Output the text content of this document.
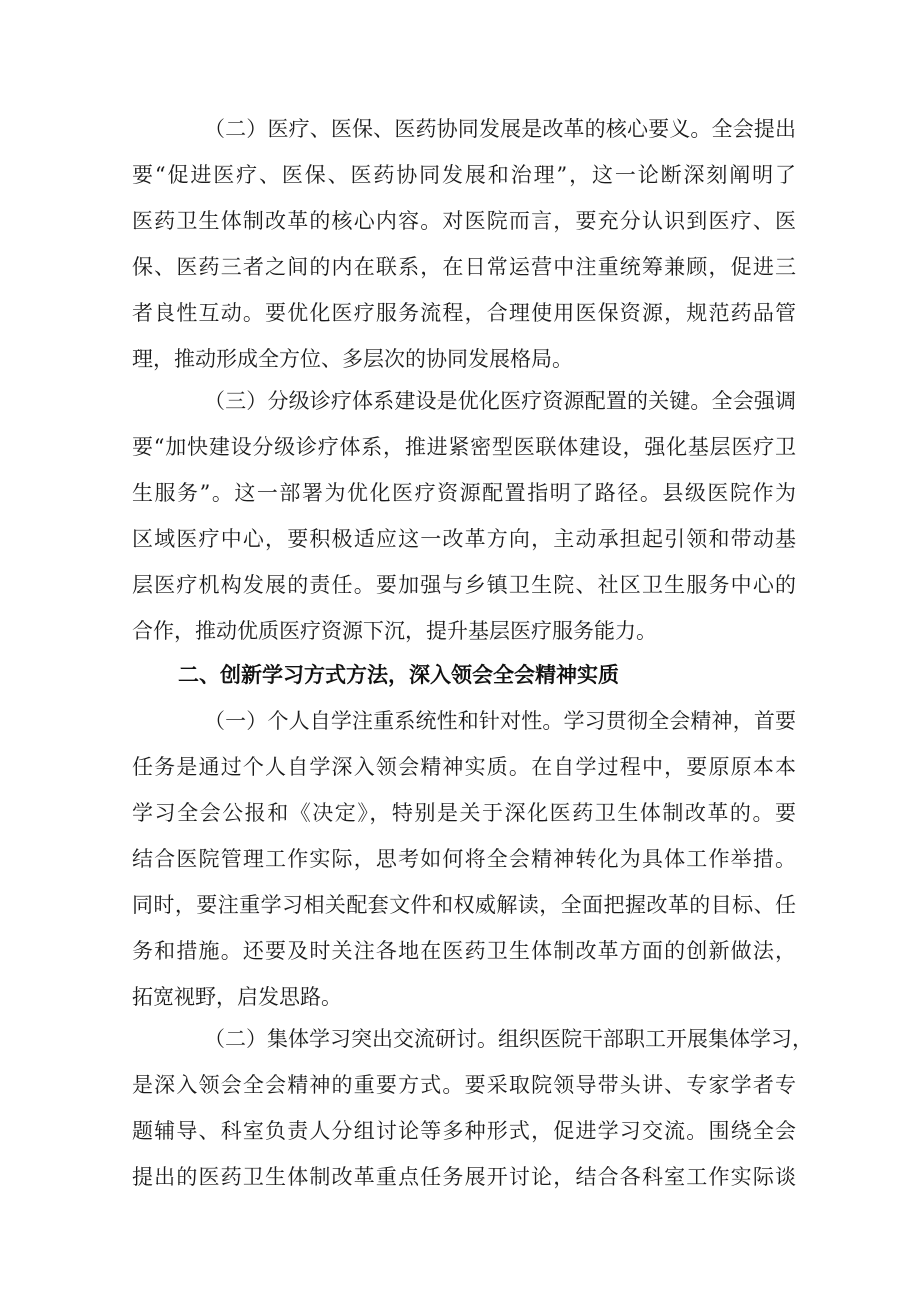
（二）医疗、医保、医药协同发展是改革的核心要义。全会提出
要“促进医疗、医保、医药协同发展和治理”，这一论断深刻阐明了
医药卫生体制改革的核心内容。对医院而言，要充分认识到医疗、医
保、医药三者之间的内在联系，在日常运营中注重统筹兼顾，促进三
者良性互动。要优化医疗服务流程，合理使用医保资源，规范药品管
理，推动形成全方位、多层次的协同发展格局。
（三）分级诊疗体系建设是优化医疗资源配置的关键。全会强调
要“加快建设分级诊疗体系，推进紧密型医联体建设，强化基层医疗卫
生服务”。这一部署为优化医疗资源配置指明了路径。县级医院作为
区域医疗中心，要积极适应这一改革方向，主动承担起引领和带动基
层医疗机构发展的责任。要加强与乡镇卫生院、社区卫生服务中心的
合作，推动优质医疗资源下沉，提升基层医疗服务能力。
二、创新学习方式方法，深入领会全会精神实质
（一）个人自学注重系统性和针对性。学习贯彻全会精神，首要
任务是通过个人自学深入领会精神实质。在自学过程中，要原原本本
学习全会公报和《决定》，特别是关于深化医药卫生体制改革的。要
结合医院管理工作实际，思考如何将全会精神转化为具体工作举措。
同时，要注重学习相关配套文件和权威解读，全面把握改革的目标、任
务和措施。还要及时关注各地在医药卫生体制改革方面的创新做法，
拓宽视野，启发思路。
（二）集体学习突出交流研讨。组织医院干部职工开展集体学习，
是深入领会全会精神的重要方式。要采取院领导带头讲、专家学者专
题辅导、科室负责人分组讨论等多种形式，促进学习交流。围绕全会
提出的医药卫生体制改革重点任务展开讨论，结合各科室工作实际谈
